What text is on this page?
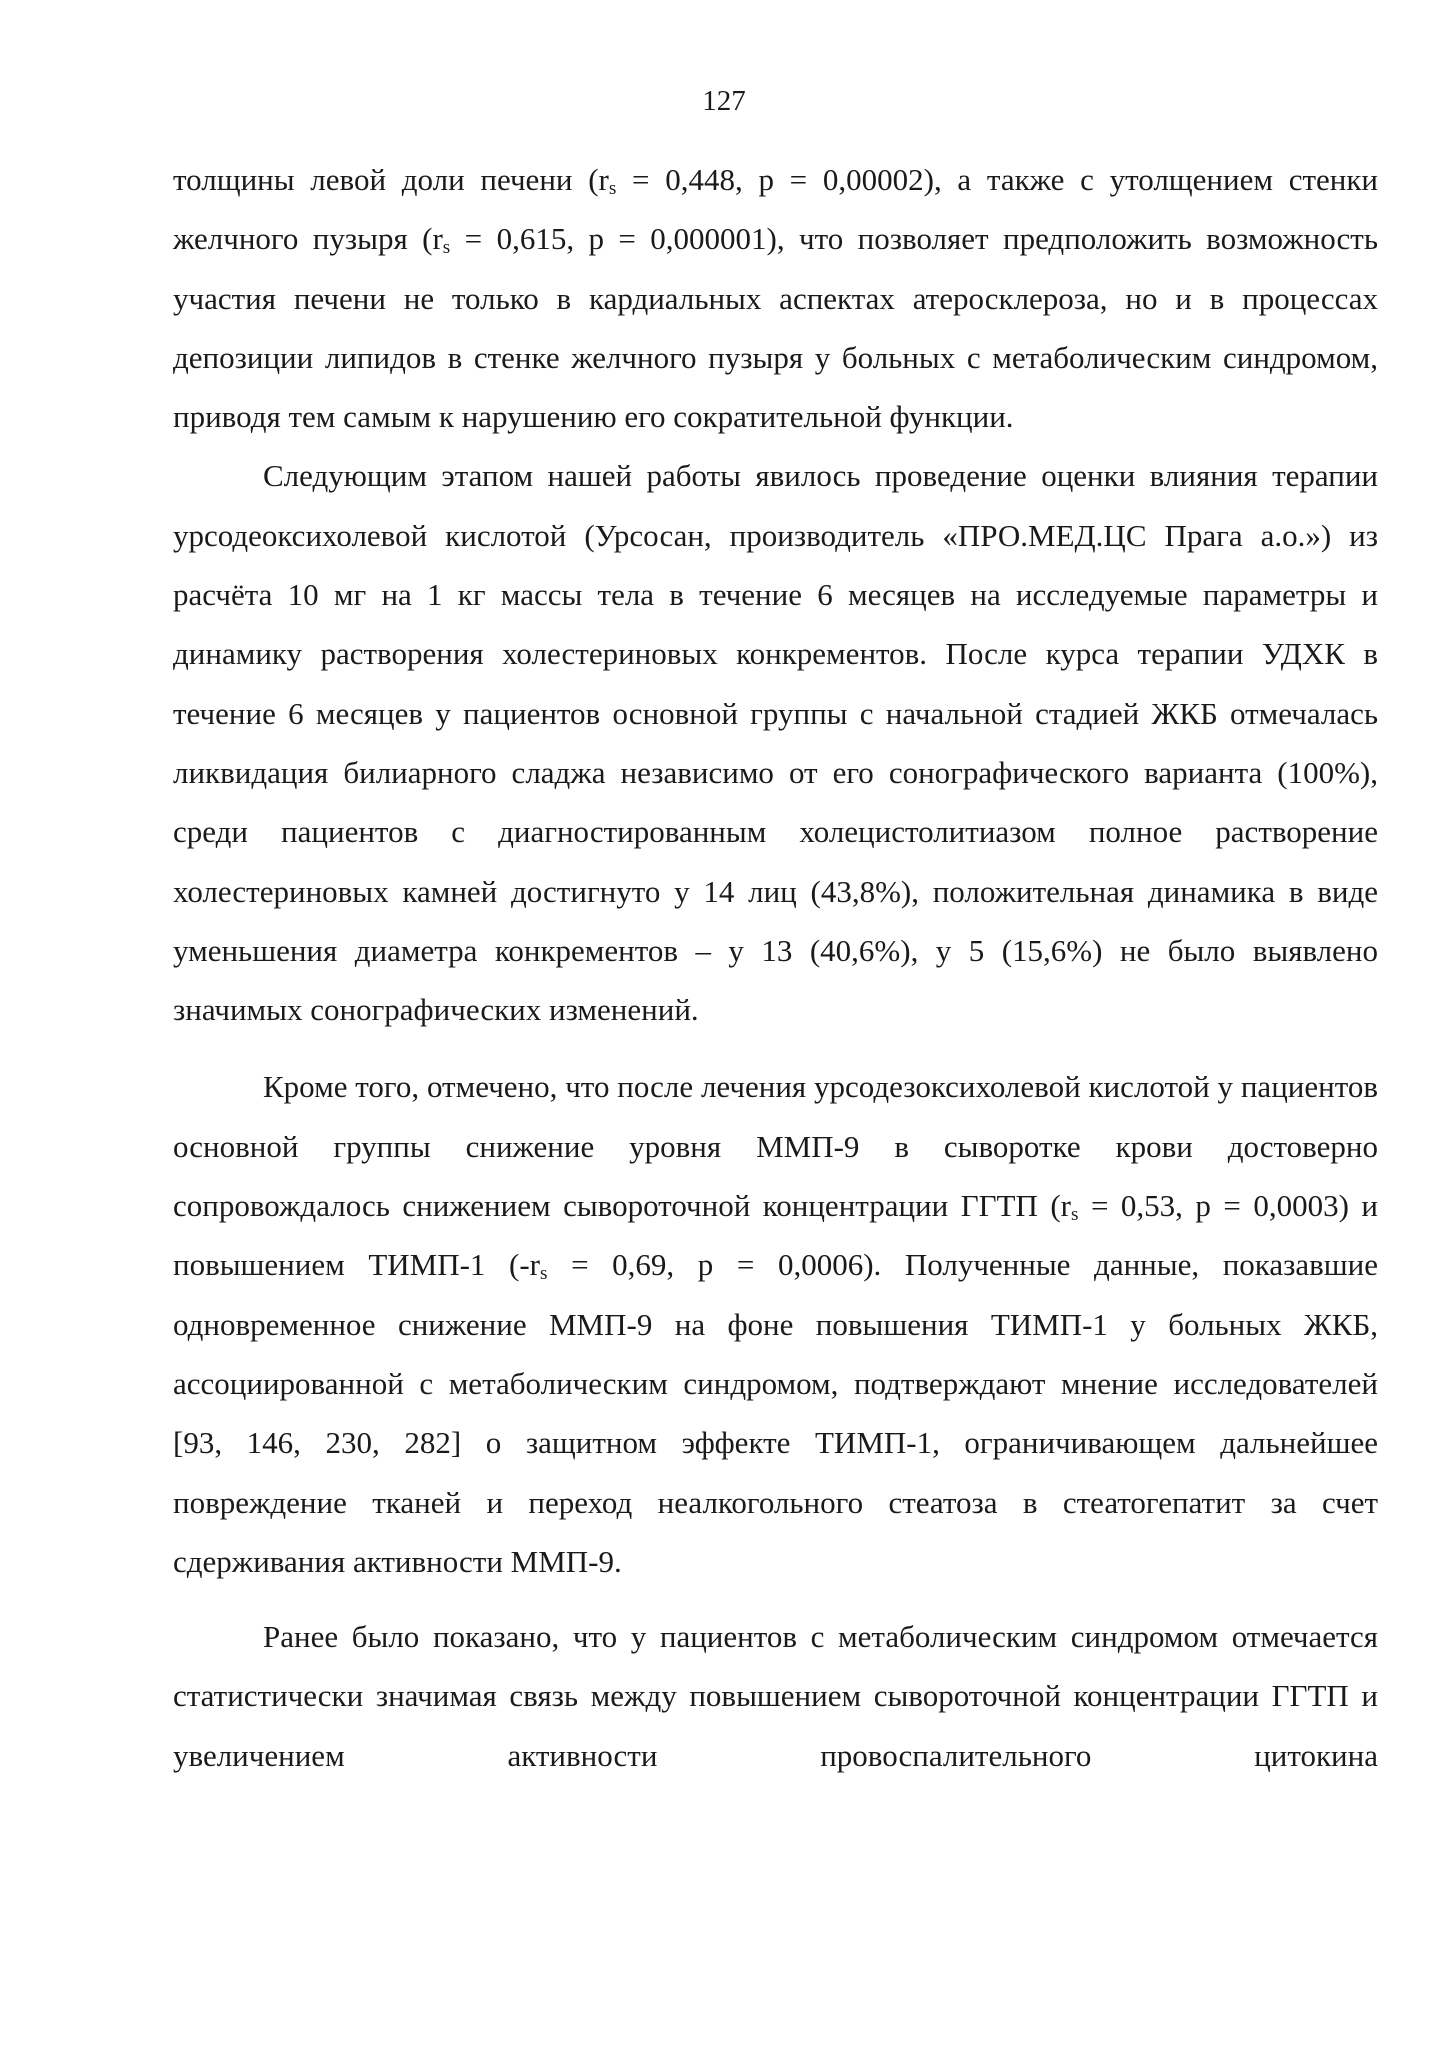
127

толщины левой доли печени ($r_s = 0,448$, p = 0,00002), а также с утолщением стенки желчного пузыря ($r_s = 0,615$, p = 0,000001), что позволяет предположить возможность участия печени не только в кардиальных аспектах атеросклероза, но и в процессах депозиции липидов в стенке желчного пузыря у больных с метаболическим синдромом, приводя тем самым к нарушению его сократительной функции.

Следующим этапом нашей работы явилось проведение оценки влияния терапии урсодеоксихолевой кислотой (Урсосан, производитель «ПРО.МЕД.ЦС Прага а.о.») из расчёта 10 мг на 1 кг массы тела в течение 6 месяцев на исследуемые параметры и динамику растворения холестериновых конкрементов. После курса терапии УДХК в течение 6 месяцев у пациентов основной группы с начальной стадией ЖКБ отмечалась ликвидация билиарного сладжа независимо от его сонографического варианта (100%), среди пациентов с диагностированным холецистолитиазом полное растворение холестериновых камней достигнуто у 14 лиц (43,8%), положительная динамика в виде уменьшения диаметра конкрементов – у 13 (40,6%), у 5 (15,6%) не было выявлено значимых сонографических изменений.

Кроме того, отмечено, что после лечения урсодезоксихолевой кислотой у пациентов основной группы снижение уровня ММП-9 в сыворотке крови достоверно сопровождалось снижением сывороточной концентрации ГГТП ($r_s = 0,53$, p = 0,0003) и повышением ТИМП-1 ($-r_s = 0,69$, p = 0,0006). Полученные данные, показавшие одновременное снижение ММП-9 на фоне повышения ТИМП-1 у больных ЖКБ, ассоциированной с метаболическим синдромом, подтверждают мнение исследователей [93, 146, 230, 282] о защитном эффекте ТИМП-1, ограничивающем дальнейшее повреждение тканей и переход неалкогольного стеатоза в стеатогепатит за счет сдерживания активности ММП-9.

Ранее было показано, что у пациентов с метаболическим синдромом отмечается статистически значимая связь между повышением сывороточной концентрации ГГТП и увеличением активности провоспалительного цитокина
